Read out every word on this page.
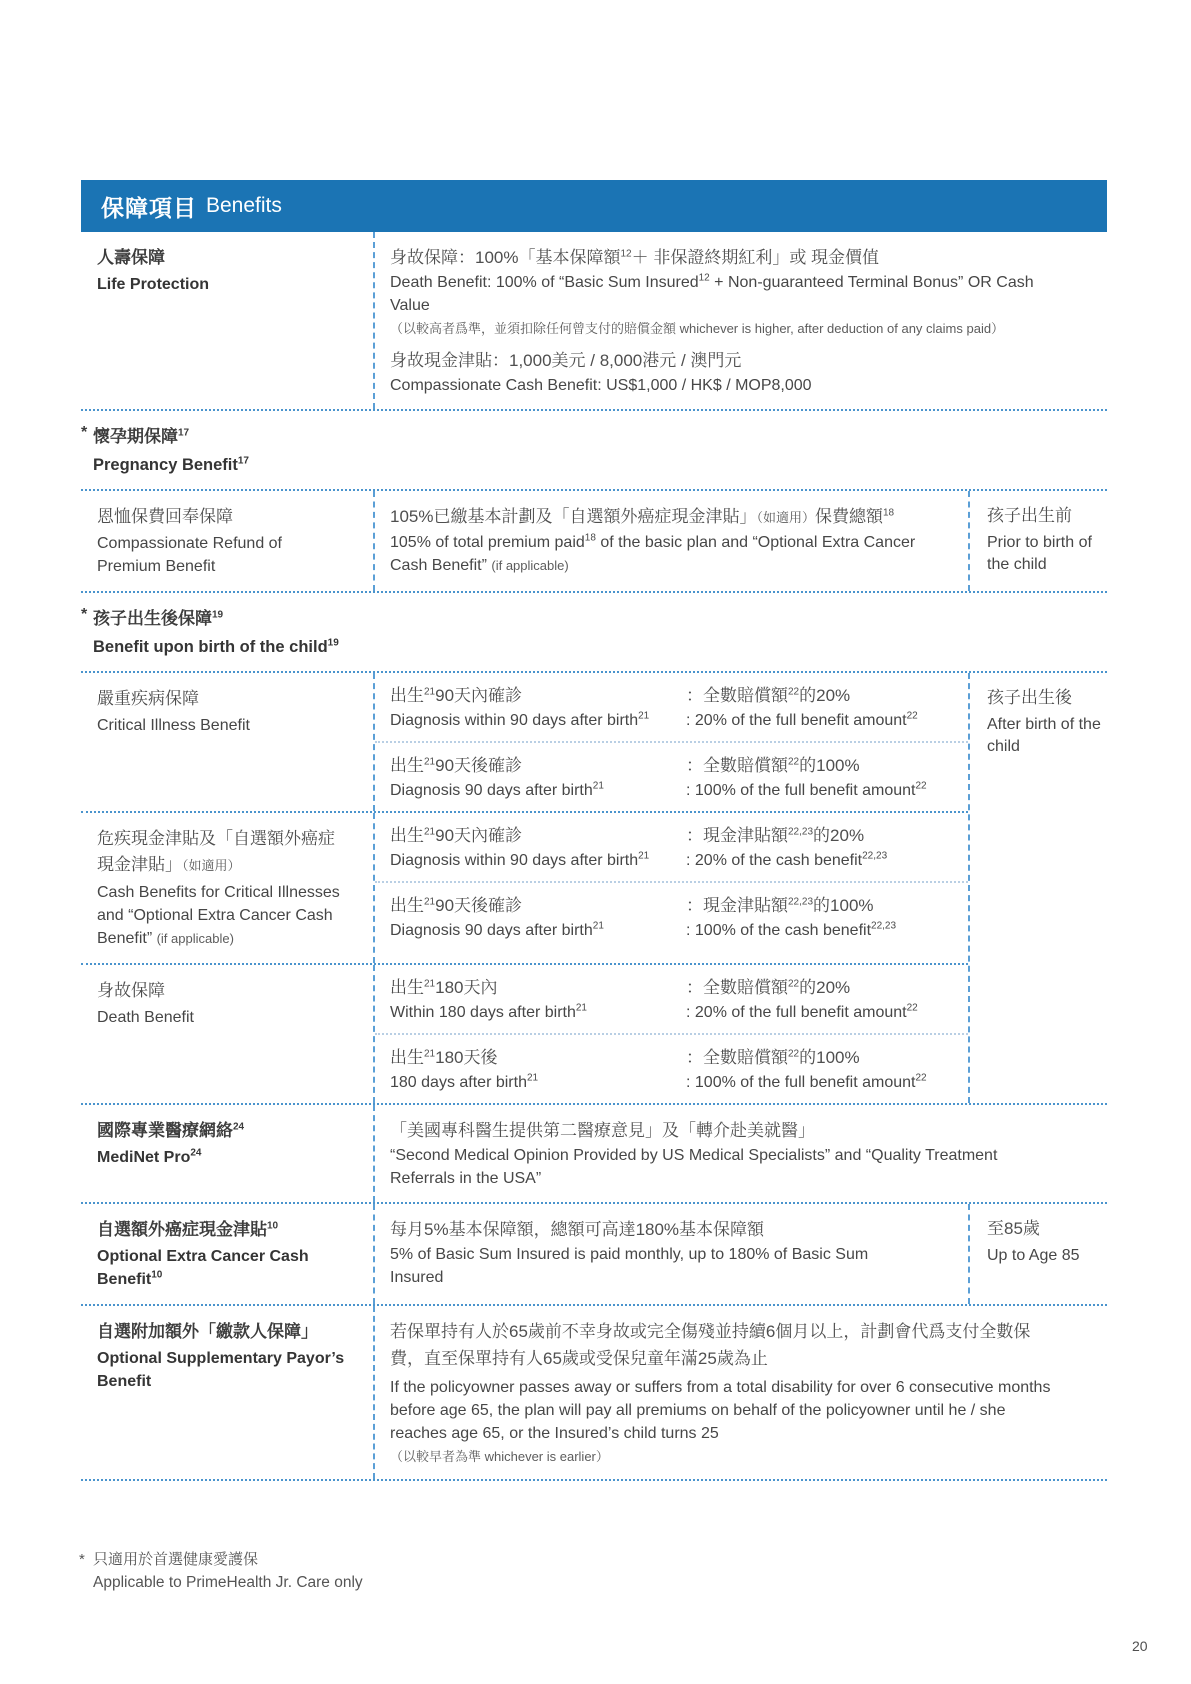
保障項目 Benefits
人壽保障
Life Protection
身故保障：100%「基本保障額$^{12}$＋ 非保證終期紅利」或 現金價值
Death Benefit: 100% of “Basic Sum Insured$^{12}$ + Non-guaranteed Terminal Bonus” OR Cash Value
（以較高者爲準，並須扣除任何曾支付的賠償金額 whichever is higher, after deduction of any claims paid）
身故現金津貼：1,000美元 / 8,000港元 / 澳門元
Compassionate Cash Benefit: US$1,000 / HK$ / MOP8,000
* 懷孕期保障$^{17}$
Pregnancy Benefit$^{17}$
恩恤保費回奉保障
Compassionate Refund of Premium Benefit
105%已繳基本計劃及「自選額外癌症現金津貼」（如適用）保費總額$^{18}$
105% of total premium paid$^{18}$ of the basic plan and “Optional Extra Cancer Cash Benefit” (if applicable)
孩子出生前
Prior to birth of the child
* 孩子出生後保障$^{19}$
Benefit upon birth of the child$^{19}$
嚴重疾病保障
Critical Illness Benefit
出生$^{21}$90天內確診
Diagnosis within 90 days after birth$^{21}$
：全數賠償額$^{22}$的20%
: 20% of the full benefit amount$^{22}$
出生$^{21}$90天後確診
Diagnosis 90 days after birth$^{21}$
：全數賠償額$^{22}$的100%
: 100% of the full benefit amount$^{22}$
危疾現金津貼及「自選額外癌症現金津貼」（如適用）
Cash Benefits for Critical Illnesses and “Optional Extra Cancer Cash Benefit” (if applicable)
出生$^{21}$90天內確診
Diagnosis within 90 days after birth$^{21}$
：現金津貼額$^{22,23}$的20%
: 20% of the cash benefit$^{22,23}$
出生$^{21}$90天後確診
Diagnosis 90 days after birth$^{21}$
：現金津貼額$^{22,23}$的100%
: 100% of the cash benefit$^{22,23}$
身故保障
Death Benefit
出生$^{21}$180天內
Within 180 days after birth$^{21}$
：全數賠償額$^{22}$的20%
: 20% of the full benefit amount$^{22}$
出生$^{21}$180天後
180 days after birth$^{21}$
：全數賠償額$^{22}$的100%
: 100% of the full benefit amount$^{22}$
孩子出生後
After birth of the child
國際專業醫療網絡$^{24}$
MediNet Pro$^{24}$
「美國專科醫生提供第二醫療意見」及「轉介赴美就醫」
“Second Medical Opinion Provided by US Medical Specialists” and “Quality Treatment Referrals in the USA”
自選額外癌症現金津貼$^{10}$
Optional Extra Cancer Cash Benefit$^{10}$
每月5%基本保障額，總額可高達180%基本保障額
5% of Basic Sum Insured is paid monthly, up to 180% of Basic Sum Insured
至85歲
Up to Age 85
自選附加額外「繳款人保障」
Optional Supplementary Payor’s Benefit
若保單持有人於65歲前不幸身故或完全傷殘並持續6個月以上，計劃會代爲支付全數保費，直至保單持有人65歲或受保兒童年滿25歲為止
If the policyowner passes away or suffers from a total disability for over 6 consecutive months before age 65, the plan will pay all premiums on behalf of the policyowner until he / she reaches age 65, or the Insured’s child turns 25
（以較早者為準 whichever is earlier）
* 只適用於首選健康愛護保
Applicable to PrimeHealth Jr. Care only
20
